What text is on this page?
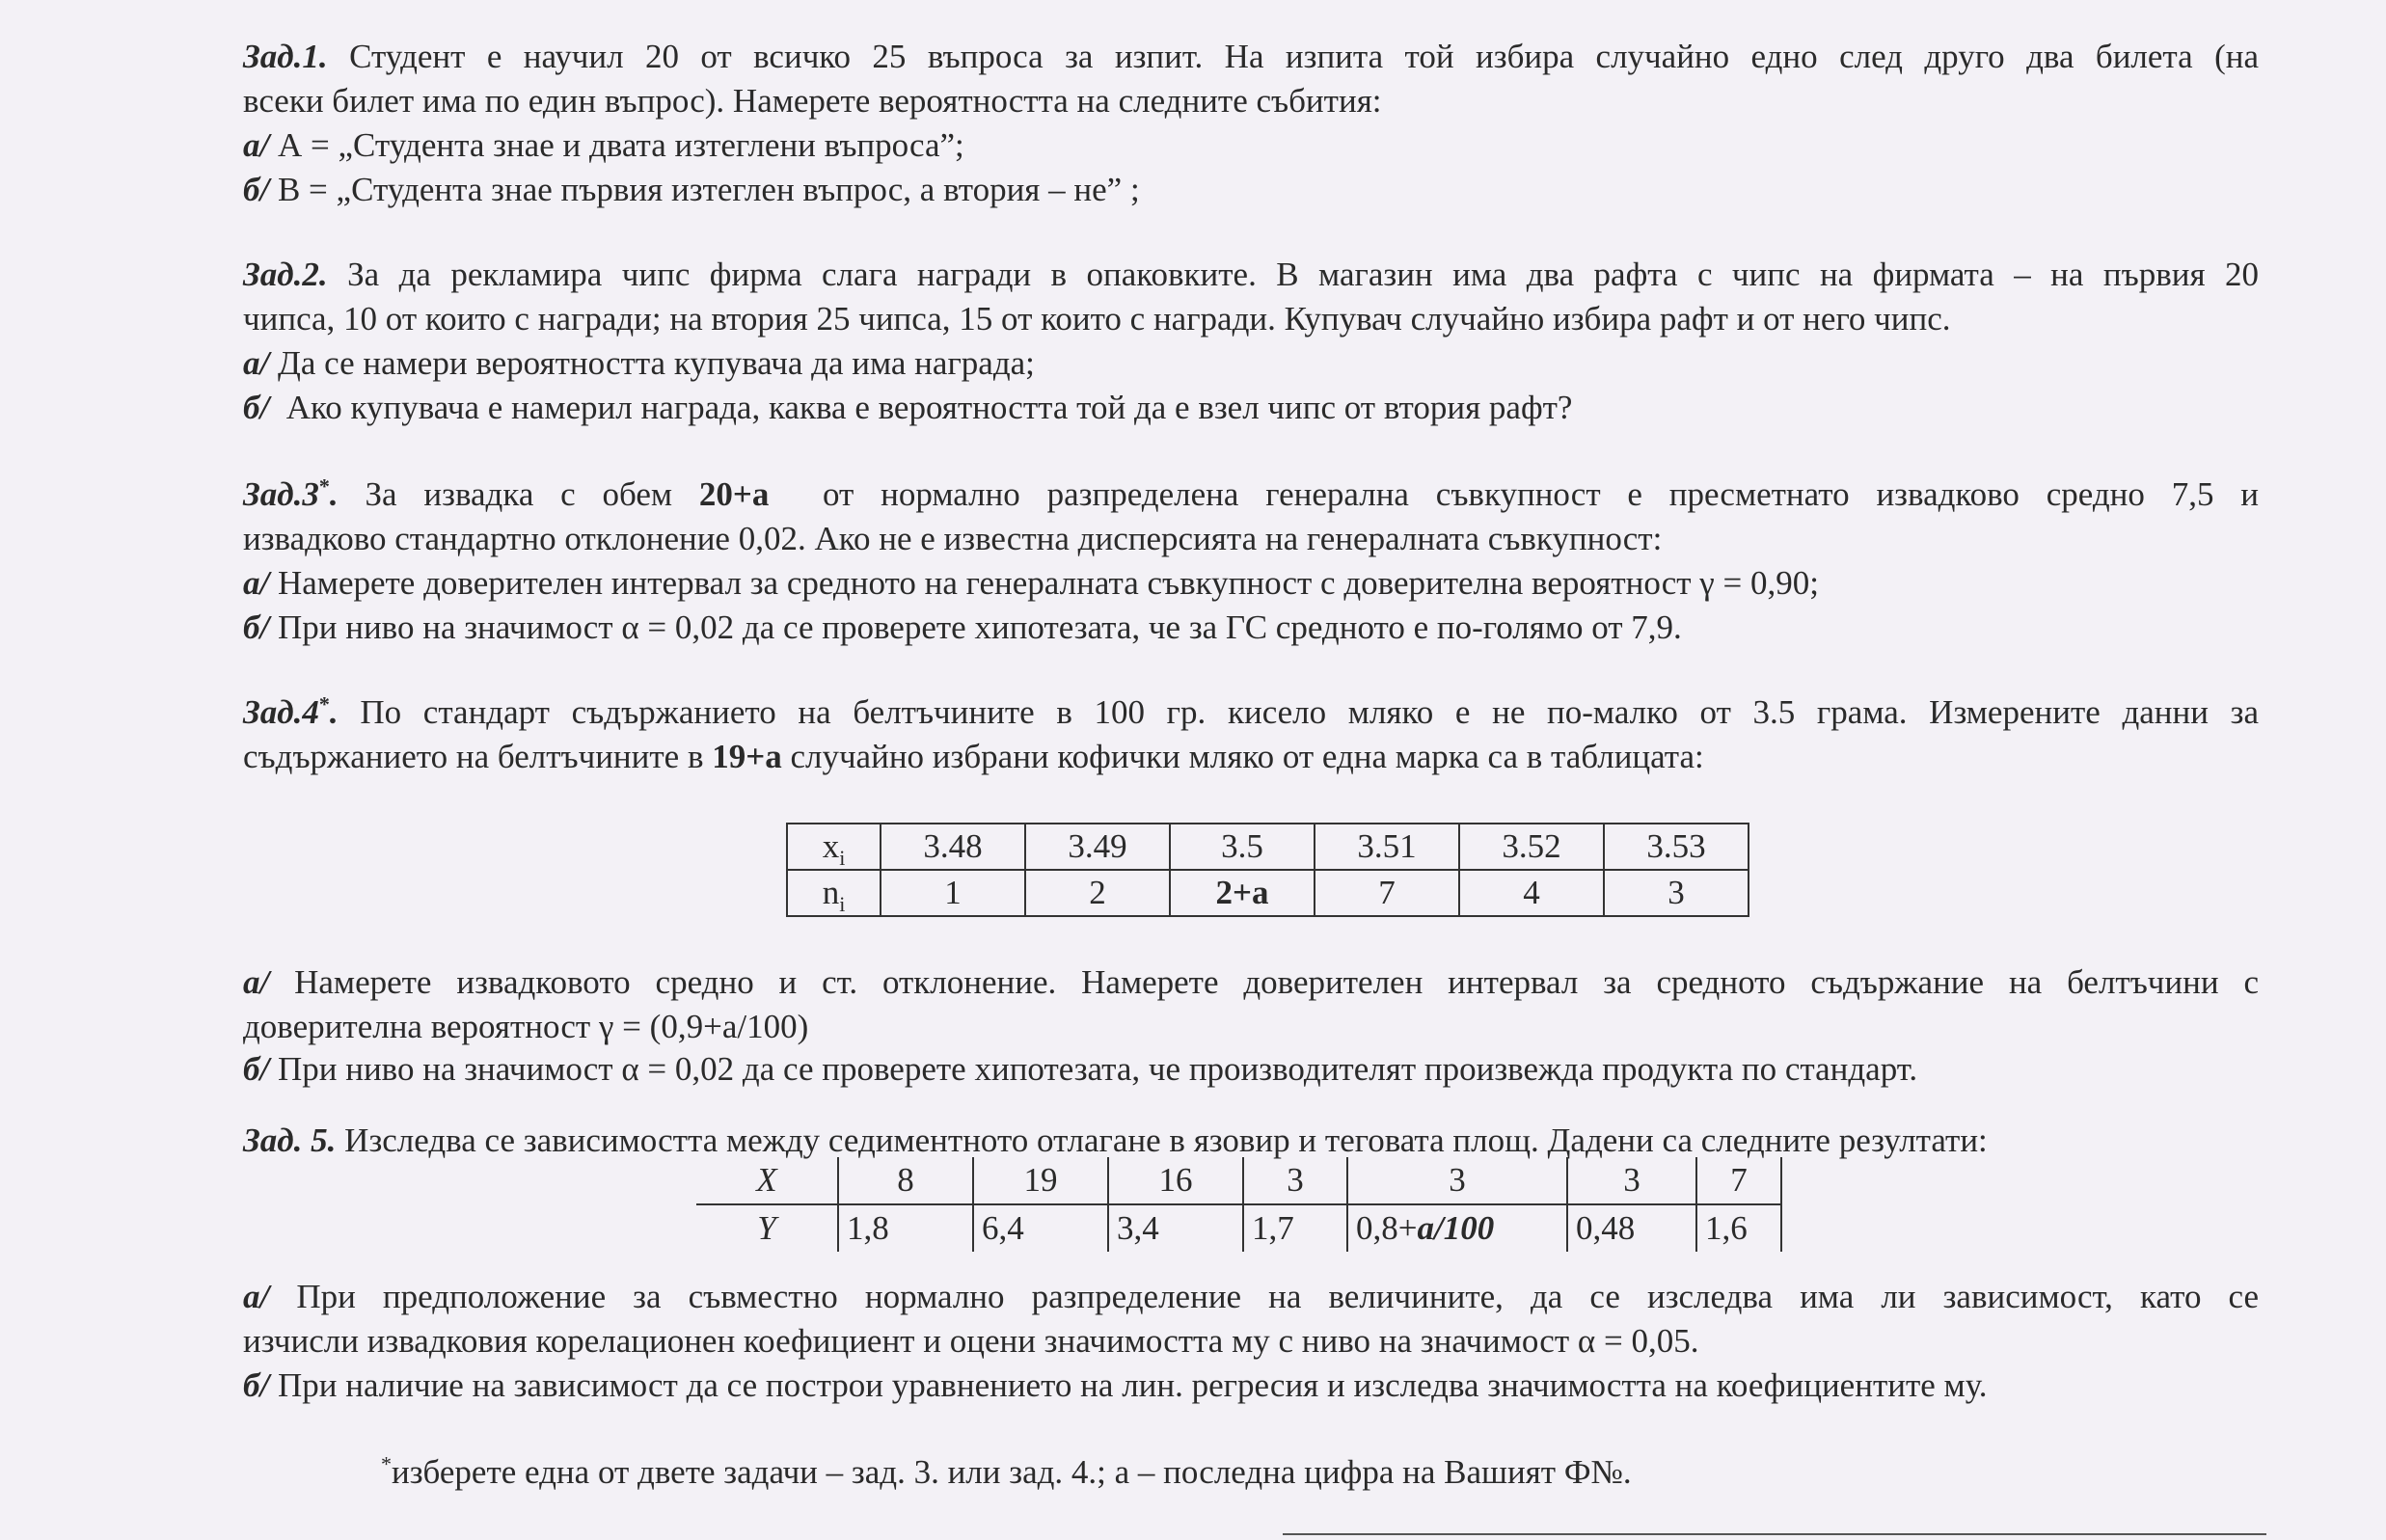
Зад.1. Студент е научил 20 от всичко 25 въпроса за изпит. На изпита той избира случайно едно след друго два билета (на
всеки билет има по един въпрос). Намерете вероятността на следните събития:
а/ А = „Студента знае и двата изтеглени въпроса”;
б/ В = „Студента знае първия изтеглен въпрос, а втория – не” ;
Зад.2. За да рекламира чипс фирма слага награди в опаковките. В магазин има два рафта с чипс на фирмата – на първия 20
чипса, 10 от които с награди; на втория 25 чипса, 15 от които с награди. Купувач случайно избира рафт и от него чипс.
а/ Да се намери вероятността купувача да има награда;
б/ Ако купувача е намерил награда, каква е вероятността той да е взел чипс от втория рафт?
Зад.3*. За извадка с обем 20+а от нормално разпределена генерална съвкупност е пресметнато извадково средно 7,5 и
извадково стандартно отклонение 0,02. Ако не е известна дисперсията на генералната съвкупност:
а/ Намерете доверителен интервал за средното на генералната съвкупност с доверителна вероятност γ = 0,90;
б/ При ниво на значимост α = 0,02 да се проверете хипотезата, че за ГС средното е по-голямо от 7,9.
Зад.4*. По стандарт съдържанието на белтъчините в 100 гр. кисело мляко е не по-малко от 3.5 грама. Измерените данни за
съдържанието на белтъчините в 19+а случайно избрани кофички мляко от една марка са в таблицата:
$x_i$	3.48	3.49	3.5	3.51	3.52	3.53
$n_i$	1	2	2+а	7	4	3
а/ Намерете извадковото средно и ст. отклонение. Намерете доверителен интервал за средното съдържание на белтъчини с
доверителна вероятност γ = (0,9+а/100)
б/ При ниво на значимост α = 0,02 да се проверете хипотезата, че производителят произвежда продукта по стандарт.
Зад. 5. Изследва се зависимостта между седиментното отлагане в язовир и теговата площ. Дадени са следните резултати:
X	8	19	16	3	3	3	7
Y	1,8	6,4	3,4	1,7	0,8+а/100	0,48	1,6
а/ При предположение за съвместно нормално разпределение на величините, да се изследва има ли зависимост, като се
изчисли извадковия корелационен коефициент и оцени значимостта му с ниво на значимост α = 0,05.
б/ При наличие на зависимост да се построи уравнението на лин. регресия и изследва значимостта на коефициентите му.
*изберете една от двете задачи – зад. 3. или зад. 4.; а – последна цифра на Вашият Ф№.
